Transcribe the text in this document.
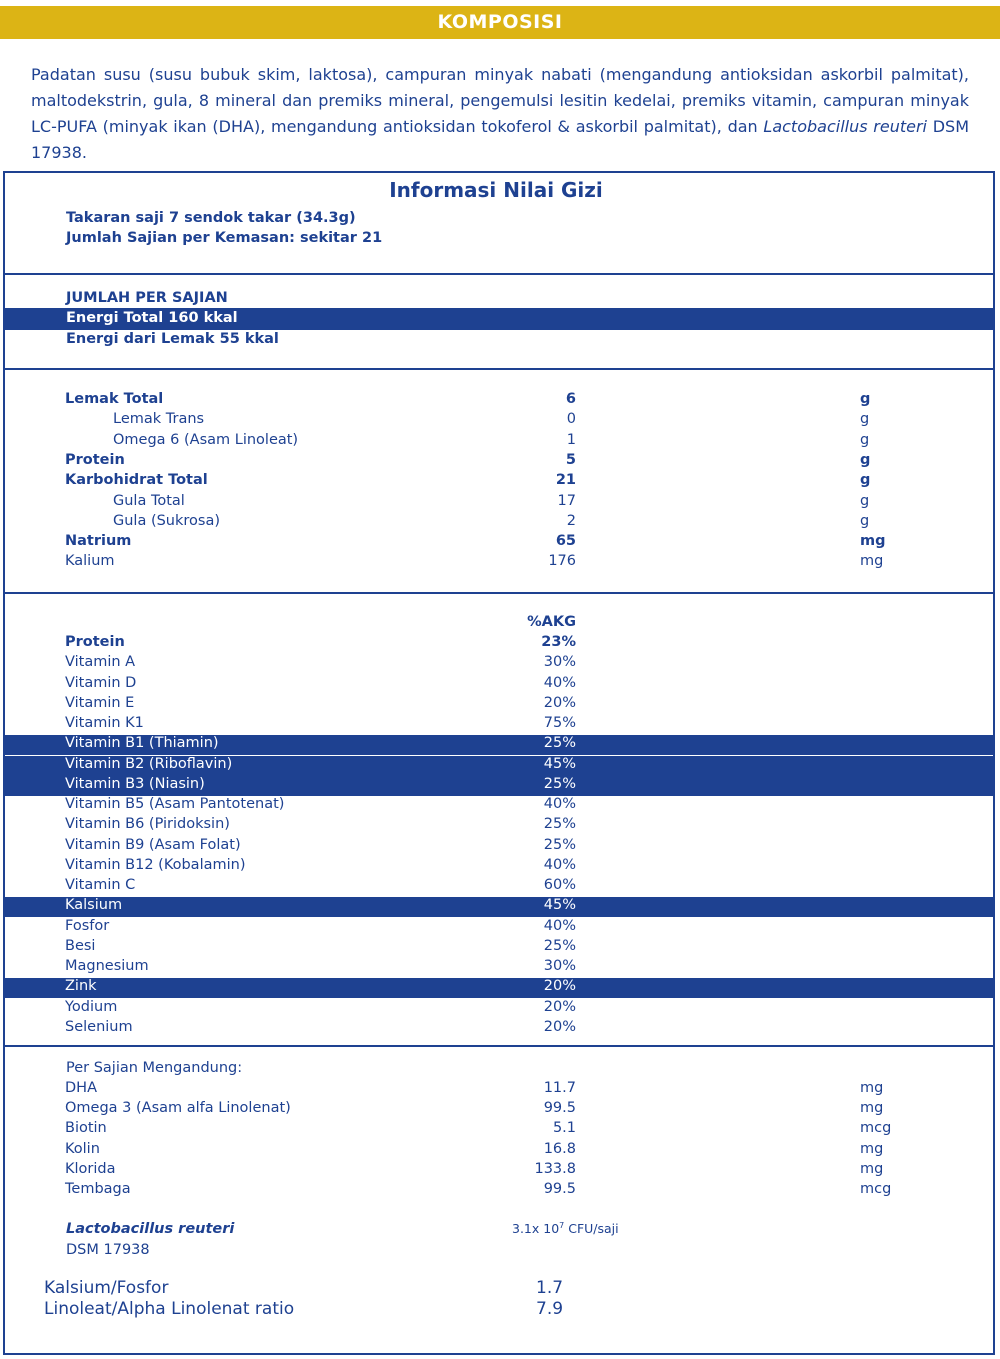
KOMPOSISI
Padatan susu (susu bubuk skim, laktosa), campuran minyak nabati (mengandung antioksidan askorbil palmitat), maltodekstrin, gula, 8 mineral dan premiks mineral, pengemulsi lesitin kedelai, premiks vitamin, campuran minyak LC-PUFA (minyak ikan (DHA), mengandung antioksidan tokoferol & askorbil palmitat), dan Lactobacillus reuteri DSM 17938.
Informasi Nilai Gizi
Takaran saji 7 sendok takar (34.3g)
Jumlah Sajian per Kemasan: sekitar 21
JUMLAH PER SAJIAN
Energi Total 160 kkal
Energi dari Lemak 55 kkal
Lemak Total	6	g
Lemak Trans	0	g
Omega 6 (Asam Linoleat)	1	g
Protein	5	g
Karbohidrat Total	21	g
Gula Total	17	g
Gula (Sukrosa)	2	g
Natrium	65	mg
Kalium	176	mg
%AKG
Protein	23%
Vitamin A	30%
Vitamin D	40%
Vitamin E	20%
Vitamin K1	75%
Vitamin B1 (Thiamin)	25%
Vitamin B2 (Riboflavin)	45%
Vitamin B3 (Niasin)	25%
Vitamin B5 (Asam Pantotenat)	40%
Vitamin B6 (Piridoksin)	25%
Vitamin B9 (Asam Folat)	25%
Vitamin B12 (Kobalamin)	40%
Vitamin C	60%
Kalsium	45%
Fosfor	40%
Besi	25%
Magnesium	30%
Zink	20%
Yodium	20%
Selenium	20%
Per Sajian Mengandung:
DHA	11.7	mg
Omega 3 (Asam alfa Linolenat)	99.5	mg
Biotin	5.1	mcg
Kolin	16.8	mg
Klorida	133.8	mg
Tembaga	99.5	mcg
Lactobacillus reuteri	3.1x $10^7$ CFU/saji
DSM 17938
Kalsium/Fosfor	1.7
Linoleat/Alpha Linolenat ratio	7.9
